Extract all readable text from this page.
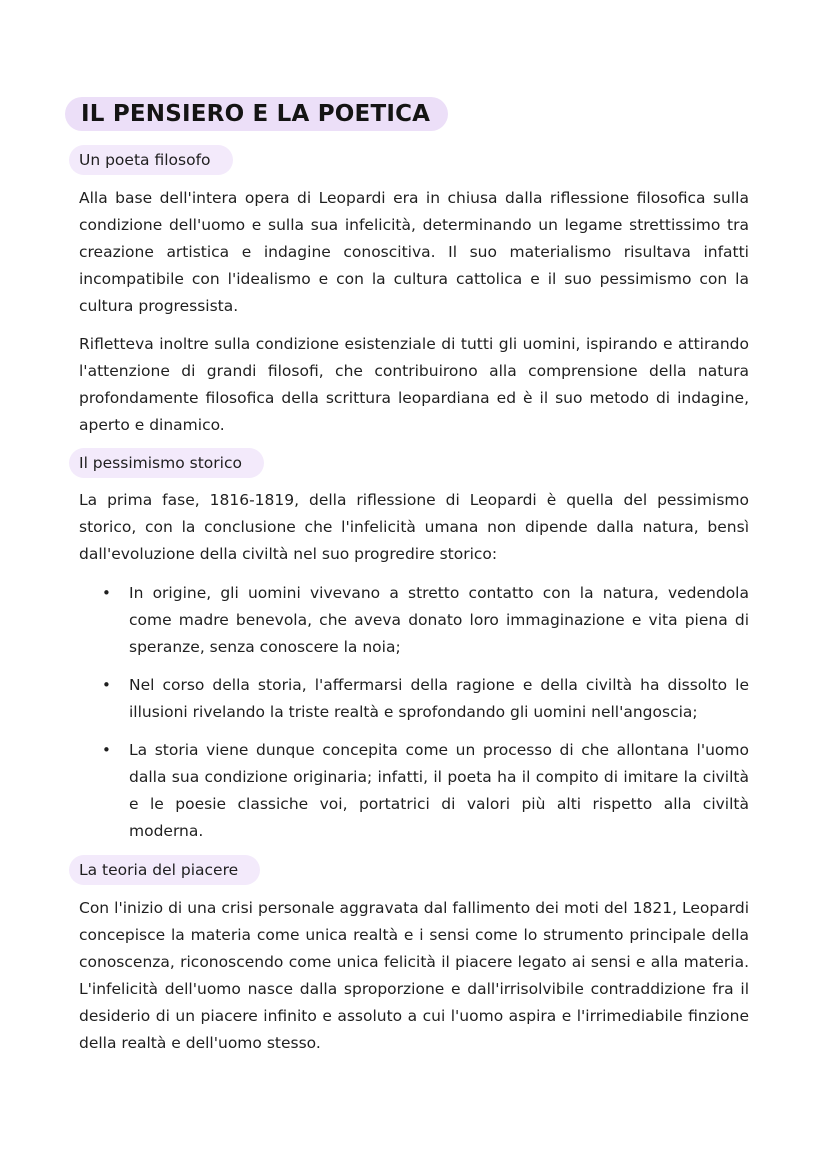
IL PENSIERO E LA POETICA
Un poeta filosofo

Alla base dell'intera opera di Leopardi era in chiusa dalla riflessione filosofica sulla condizione dell'uomo e sulla sua infelicità, determinando un legame strettissimo tra creazione artistica e indagine conoscitiva. Il suo materialismo risultava infatti incompatibile con l'idealismo e con la cultura cattolica e il suo pessimismo con la cultura progressista.

Rifletteva inoltre sulla condizione esistenziale di tutti gli uomini, ispirando e attirando l'attenzione di grandi filosofi, che contribuirono alla comprensione della natura profondamente filosofica della scrittura leopardiana ed è il suo metodo di indagine, aperto e dinamico.

Il pessimismo storico

La prima fase, 1816-1819, della riflessione di Leopardi è quella del pessimismo storico, con la conclusione che l'infelicità umana non dipende dalla natura, bensì dall'evoluzione della civiltà nel suo progredire storico:

• In origine, gli uomini vivevano a stretto contatto con la natura, vedendola come madre benevola, che aveva donato loro immaginazione e vita piena di speranze, senza conoscere la noia;
• Nel corso della storia, l'affermarsi della ragione e della civiltà ha dissolto le illusioni rivelando la triste realtà e sprofondando gli uomini nell'angoscia;
• La storia viene dunque concepita come un processo di che allontana l'uomo dalla sua condizione originaria; infatti, il poeta ha il compito di imitare la civiltà e le poesie classiche voi, portatrici di valori più alti rispetto alla civiltà moderna.
La teoria del piacere

Con l'inizio di una crisi personale aggravata dal fallimento dei moti del 1821, Leopardi concepisce la materia come unica realtà e i sensi come lo strumento principale della conoscenza, riconoscendo come unica felicità il piacere legato ai sensi e alla materia. L'infelicità dell'uomo nasce dalla sproporzione e dall'irrisolvibile contraddizione fra il desiderio di un piacere infinito e assoluto a cui l'uomo aspira e l'irrimediabile finzione della realtà e dell'uomo stesso.
